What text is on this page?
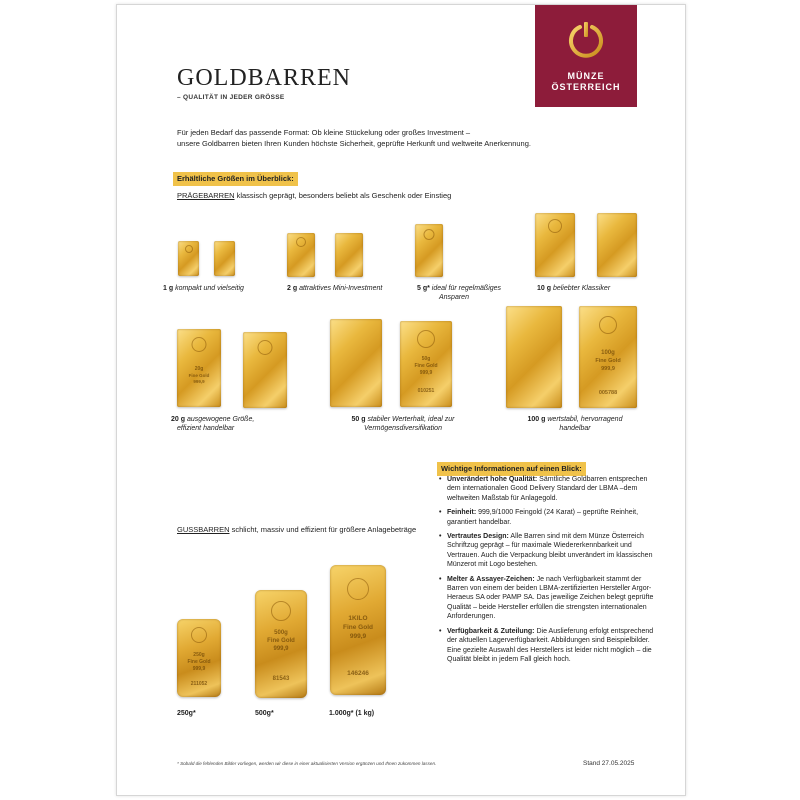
MÜNZE
ÖSTERREICH
GOLDBARREN
– QUALITÄT IN JEDER GRÖSSE
Für jeden Bedarf das passende Format: Ob kleine Stückelung oder großes Investment –
unsere Goldbarren bieten Ihren Kunden höchste Sicherheit, geprüfte Herkunft und weltweite Anerkennung.
Erhältliche Größen im Überblick:
PRÄGEBARREN klassisch geprägt, besonders beliebt als Geschenk oder Einstieg
1 g kompakt und vielseitig	2 g attraktives Mini-Investment	5 g* ideal für regelmäßiges
Ansparen
10 g beliebter Klassiker
20g
Fine Gold
999,9
50g
Fine Gold
999,9
010251
100g
Fine Gold
999,9
005788
20 g ausgewogene Größe,
effizient handelbar
50 g stabiler Werterhalt, ideal zur
Vermögensdiversifikation
100 g wertstabil, hervorragend
handelbar
Wichtige Informationen auf einen Blick:
• Unverändert hohe Qualität: Sämtliche Goldbarren entsprechen dem internationalen Good Delivery Standard der LBMA –dem weltweiten Maßstab für Anlagegold.
• Feinheit: 999,9/1000 Feingold (24 Karat) – geprüfte Reinheit, garantiert handelbar.
• Vertrautes Design: Alle Barren sind mit dem Münze Österreich Schriftzug geprägt – für maximale Wiedererkennbarkeit und Vertrauen. Auch die Verpackung bleibt unverändert im klassischen Münzerot mit Logo bestehen.
• Melter & Assayer-Zeichen: Je nach Verfügbarkeit stammt der Barren von einem der beiden LBMA-zertifizierten Hersteller Argor-Heraeus SA oder PAMP SA. Das jeweilige Zeichen belegt geprüfte Qualität – beide Hersteller erfüllen die strengsten internationalen Anforderungen.
• Verfügbarkeit & Zuteilung: Die Auslieferung erfolgt entsprechend der aktuellen Lagerverfügbarkeit. Abbildungen sind Beispielbilder. Eine gezielte Auswahl des Herstellers ist leider nicht möglich – die Qualität bleibt in jedem Fall gleich hoch.
GUSSBARREN schlicht, massiv und effizient für größere Anlagebeträge
250g
Fine Gold
999,9
211052
500g
Fine Gold
999,9
81543
1KILO
Fine Gold
999,9
146246
250g*	500g*	1.000g* (1 kg)
* Sobald die fehlenden Bilder vorliegen, werden wir diese in einer aktualisierten Version ergänzen und Ihnen zukommen lassen.	Stand 27.05.2025
